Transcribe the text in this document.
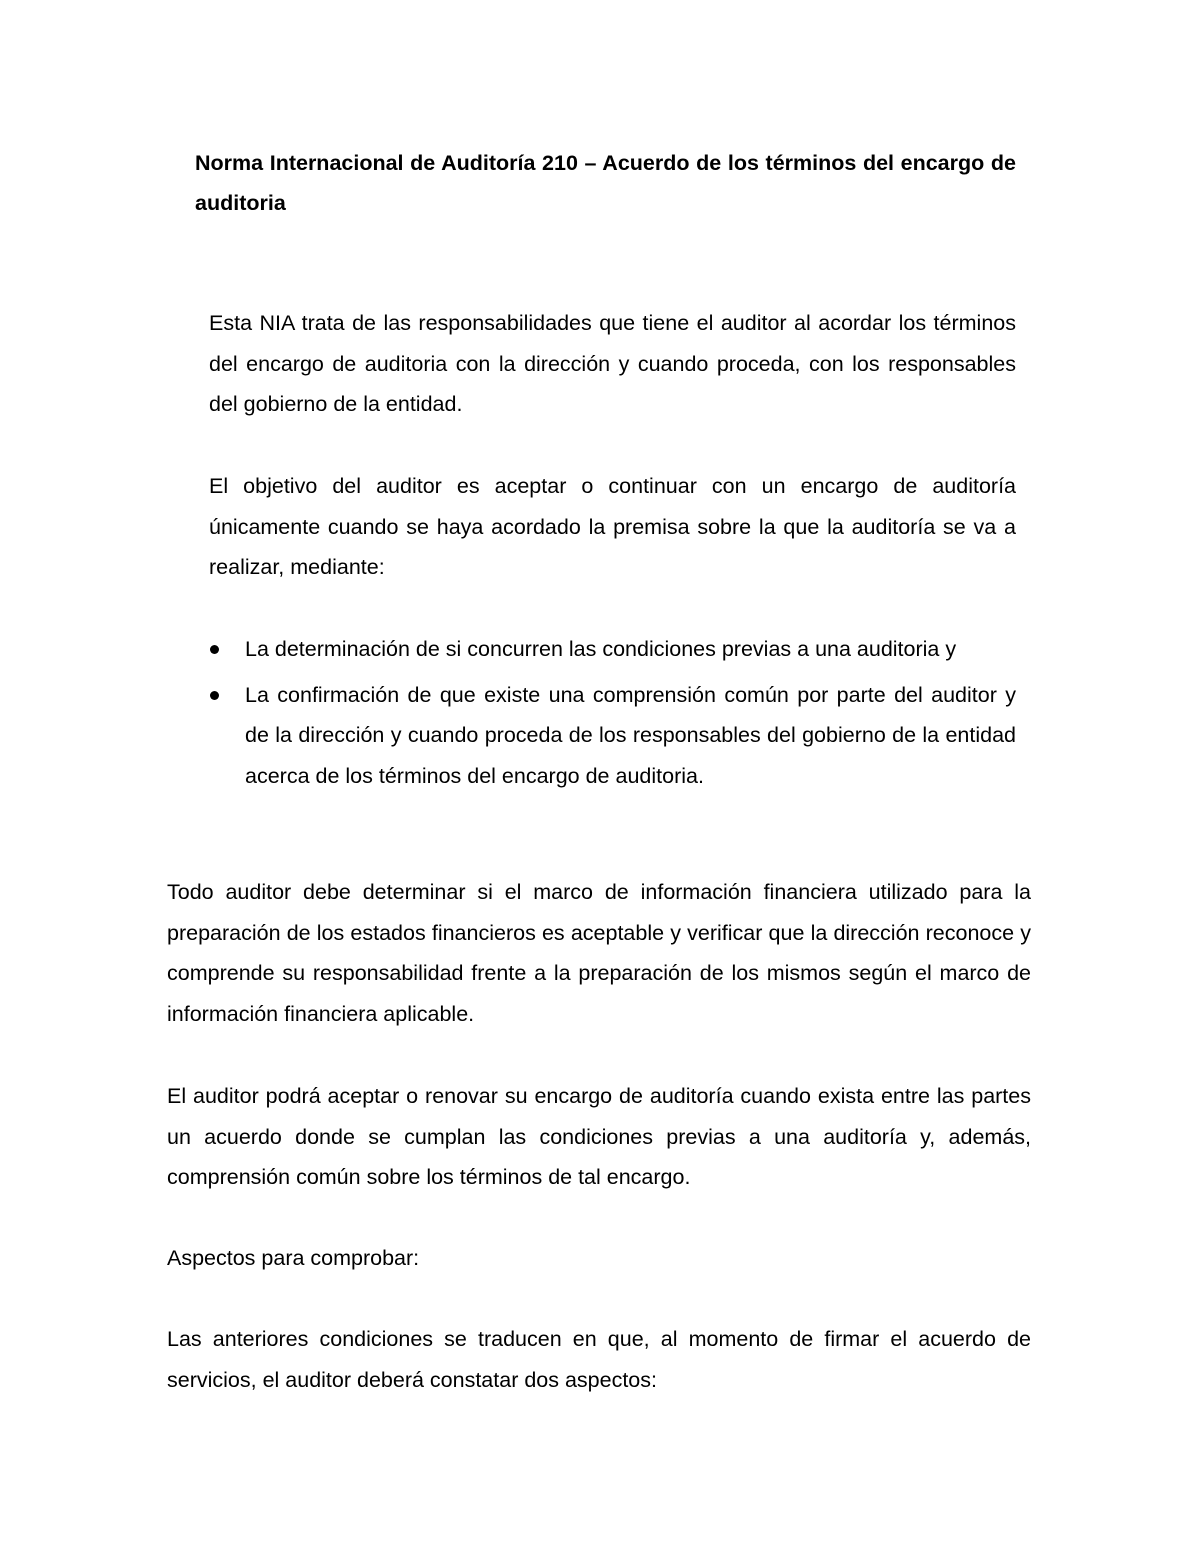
Norma Internacional de Auditoría 210 – Acuerdo de los términos del encargo de auditoria

Esta NIA trata de las responsabilidades que tiene el auditor al acordar los términos del encargo de auditoria con la dirección y cuando proceda, con los responsables del gobierno de la entidad.

El objetivo del auditor es aceptar o continuar con un encargo de auditoría únicamente cuando se haya acordado la premisa sobre la que la auditoría se va a realizar, mediante:

La determinación de si concurren las condiciones previas a una auditoria y
La confirmación de que existe una comprensión común por parte del auditor y de la dirección y cuando proceda de los responsables del gobierno de la entidad acerca de los términos del encargo de auditoria.

Todo auditor debe determinar si el marco de información financiera utilizado para la preparación de los estados financieros es aceptable y verificar que la dirección reconoce y comprende su responsabilidad frente a la preparación de los mismos según el marco de información financiera aplicable.

El auditor podrá aceptar o renovar su encargo de auditoría cuando exista entre las partes un acuerdo donde se cumplan las condiciones previas a una auditoría y, además, comprensión común sobre los términos de tal encargo.

Aspectos para comprobar:

Las anteriores condiciones se traducen en que, al momento de firmar el acuerdo de servicios, el auditor deberá constatar dos aspectos:
